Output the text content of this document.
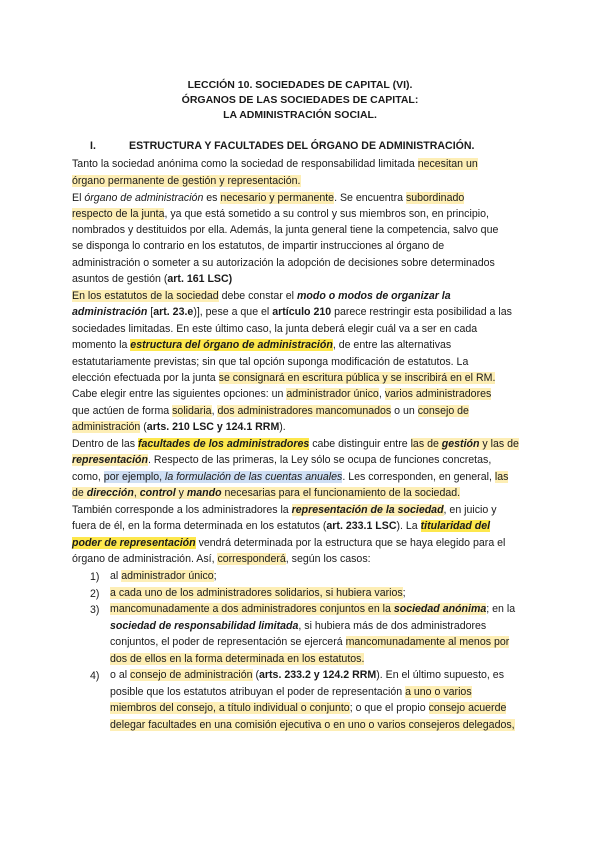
LECCIÓN 10. SOCIEDADES DE CAPITAL (VI).
ÓRGANOS DE LAS SOCIEDADES DE CAPITAL:
LA ADMINISTRACIÓN SOCIAL.
I.	ESTRUCTURA Y FACULTADES DEL ÓRGANO DE ADMINISTRACIÓN.
Tanto la sociedad anónima como la sociedad de responsabilidad limitada necesitan un
órgano permanente de gestión y representación.
El órgano de administración es necesario y permanente. Se encuentra subordinado
respecto de la junta, ya que está sometido a su control y sus miembros son, en principio,
nombrados y destituidos por ella. Además, la junta general tiene la competencia, salvo que
se disponga lo contrario en los estatutos, de impartir instrucciones al órgano de
administración o someter a su autorización la adopción de decisiones sobre determinados
asuntos de gestión (art. 161 LSC)
En los estatutos de la sociedad debe constar el modo o modos de organizar la
administración [art. 23.e)], pese a que el artículo 210 parece restringir esta posibilidad a las
sociedades limitadas. En este último caso, la junta deberá elegir cuál va a ser en cada
momento la estructura del órgano de administración, de entre las alternativas
estatutariamente previstas; sin que tal opción suponga modificación de estatutos. La
elección efectuada por la junta se consignará en escritura pública y se inscribirá en el RM.
Cabe elegir entre las siguientes opciones: un administrador único, varios administradores
que actúen de forma solidaria, dos administradores mancomunados o un consejo de
administración (arts. 210 LSC y 124.1 RRM).
Dentro de las facultades de los administradores cabe distinguir entre las de gestión y las de
representación. Respecto de las primeras, la Ley sólo se ocupa de funciones concretas,
como, por ejemplo, la formulación de las cuentas anuales. Les corresponden, en general, las
de dirección, control y mando necesarias para el funcionamiento de la sociedad.
También corresponde a los administradores la representación de la sociedad, en juicio y
fuera de él, en la forma determinada en los estatutos (art. 233.1 LSC). La titularidad del
poder de representación vendrá determinada por la estructura que se haya elegido para el
órgano de administración. Así, corresponderá, según los casos:
1) al administrador único;
2) a cada uno de los administradores solidarios, si hubiera varios;
3) mancomunadamente a dos administradores conjuntos en la sociedad anónima; en la
sociedad de responsabilidad limitada, si hubiera más de dos administradores
conjuntos, el poder de representación se ejercerá mancomunadamente al menos por
dos de ellos en la forma determinada en los estatutos.
4) o al consejo de administración (arts. 233.2 y 124.2 RRM). En el último supuesto, es
posible que los estatutos atribuyan el poder de representación a uno o varios
miembros del consejo, a título individual o conjunto; o que el propio consejo acuerde
delegar facultades en una comisión ejecutiva o en uno o varios consejeros delegados,
